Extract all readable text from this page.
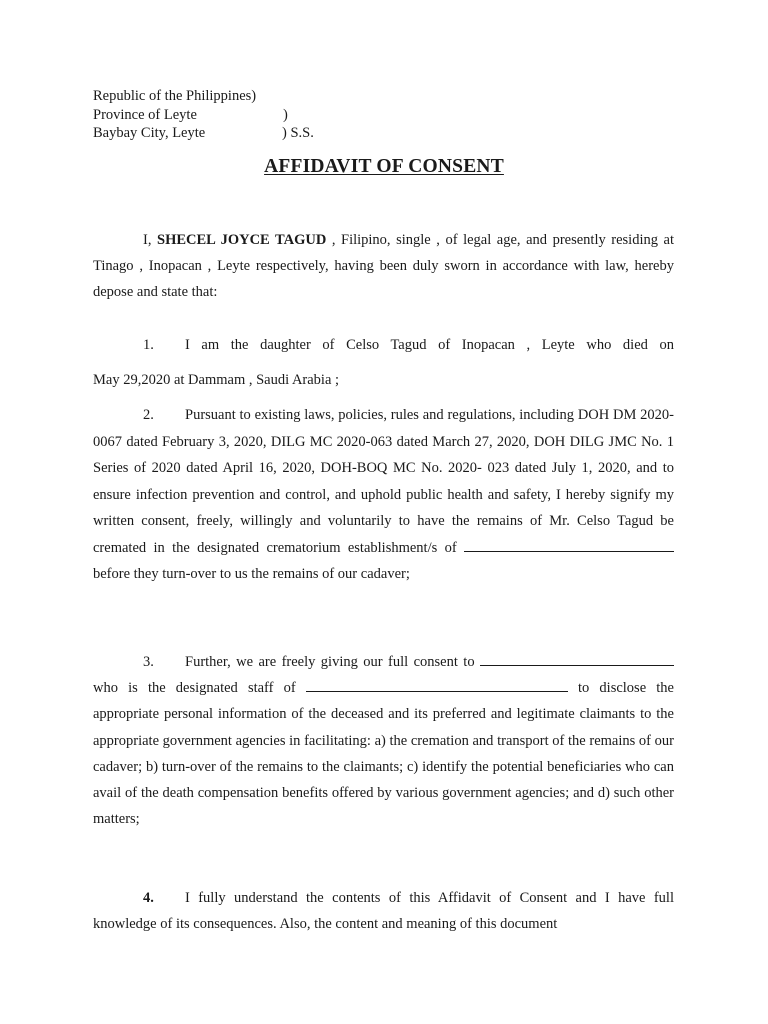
Republic of the Philippines)
Province of Leyte	)
Baybay City, Leyte	) S.S.
AFFIDAVIT OF CONSENT

I, SHECEL JOYCE TAGUD , Filipino, single , of legal age, and presently residing at Tinago , Inopacan , Leyte respectively, having been duly sworn in accordance with law, hereby depose and state that:

1. I am the daughter of Celso Tagud of Inopacan , Leyte who died on

May 29,2020 at Dammam , Saudi Arabia ;

2. Pursuant to existing laws, policies, rules and regulations, including DOH DM 2020-0067 dated February 3, 2020, DILG MC 2020-063 dated March 27, 2020, DOH DILG JMC No. 1 Series of 2020 dated April 16, 2020, DOH-BOQ MC No. 2020- 023 dated July 1, 2020, and to ensure infection prevention and control, and uphold public health and safety, I hereby signify my written consent, freely, willingly and voluntarily to have the remains of Mr. Celso Tagud be cremated in the designated crematorium establishment/s of  before they turn-over to us the remains of our cadaver;

3. Further, we are freely giving our full consent to  who is the designated staff of	to disclose the appropriate personal information of the deceased and its preferred and legitimate claimants to the appropriate government agencies in facilitating: a) the cremation and transport of the remains of our cadaver; b) turn-over of the remains to the claimants; c) identify the potential beneficiaries who can avail of the death compensation benefits offered by various government agencies; and d) such other matters;

4. I fully understand the contents of this Affidavit of Consent and I have full knowledge of its consequences. Also, the content and meaning of this document
